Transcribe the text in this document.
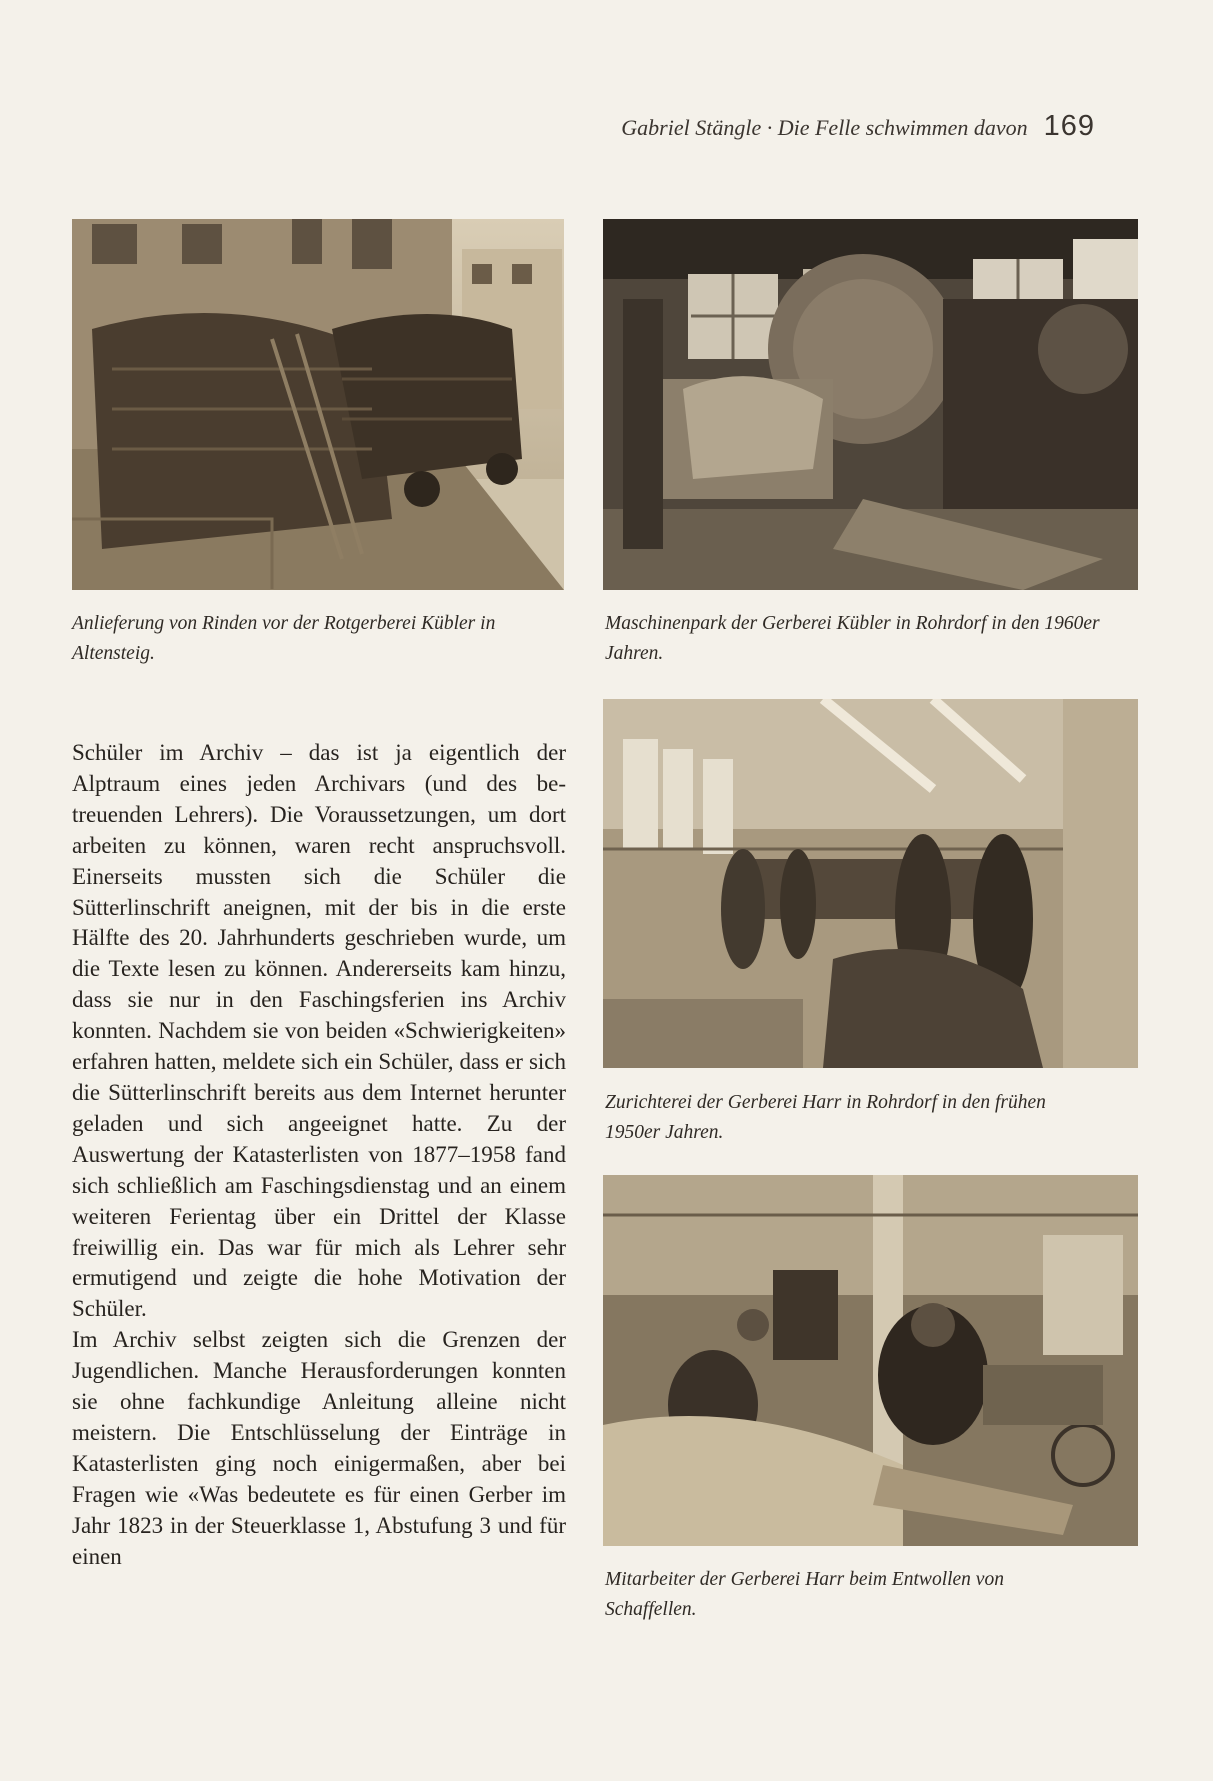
Gabriel Stängle · Die Felle schwimmen davon 169

Anlieferung von Rinden vor der Rotgerberei Kübler in Altensteig.

Maschinenpark der Gerberei Kübler in Rohrdorf in den 1960er Jahren.

Zurichterei der Gerberei Harr in Rohrdorf in den frühen 1950er Jahren.

Mitarbeiter der Gerberei Harr beim Entwollen von Schaffellen.

Schüler im Archiv – das ist ja eigentlich der Alptraum eines jeden Archivars (und des betreuenden Lehrers). Die Voraussetzungen, um dort arbeiten zu können, waren recht anspruchsvoll. Einerseits mussten sich die Schüler die Sütterlinschrift aneignen, mit der bis in die erste Hälfte des 20. Jahrhunderts geschrieben wurde, um die Texte lesen zu können. Andererseits kam hinzu, dass sie nur in den Faschingsferien ins Archiv konnten. Nachdem sie von beiden «Schwierigkeiten» erfahren hatten, meldete sich ein Schüler, dass er sich die Sütterlinschrift bereits aus dem Internet herunter geladen und sich angeeignet hatte. Zu der Auswertung der Katasterlisten von 1877–1958 fand sich schließlich am Faschingsdienstag und an einem weiteren Ferientag über ein Drittel der Klasse freiwillig ein. Das war für mich als Lehrer sehr ermutigend und zeigte die hohe Motivation der Schüler.

Im Archiv selbst zeigten sich die Grenzen der Jugendlichen. Manche Herausforderungen konnten sie ohne fachkundige Anleitung alleine nicht meistern. Die Entschlüsselung der Einträge in Katasterlisten ging noch einigermaßen, aber bei Fragen wie «Was bedeutete es für einen Gerber im Jahr 1823 in der Steuerklasse 1, Abstufung 3 und für einen
